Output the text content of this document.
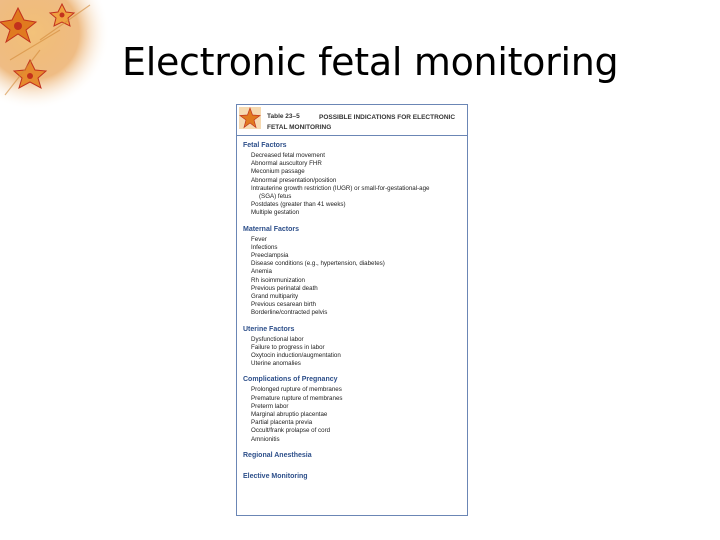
Electronic fetal monitoring
Table 23–5	POSSIBLE INDICATIONS FOR ELECTRONIC FETAL MONITORING
Fetal Factors
Decreased fetal movement
Abnormal auscultory FHR
Meconium passage
Abnormal presentation/position
Intrauterine growth restriction (IUGR) or small-for-gestational-age
(SGA) fetus
Postdates (greater than 41 weeks)
Multiple gestation
Maternal Factors
Fever
Infections
Preeclampsia
Disease conditions (e.g., hypertension, diabetes)
Anemia
Rh isoimmunization
Previous perinatal death
Grand multiparity
Previous cesarean birth
Borderline/contracted pelvis
Uterine Factors
Dysfunctional labor
Failure to progress in labor
Oxytocin induction/augmentation
Uterine anomalies
Complications of Pregnancy
Prolonged rupture of membranes
Premature rupture of membranes
Preterm labor
Marginal abruptio placentae
Partial placenta previa
Occult/frank prolapse of cord
Amnionitis
Regional Anesthesia
Elective Monitoring
